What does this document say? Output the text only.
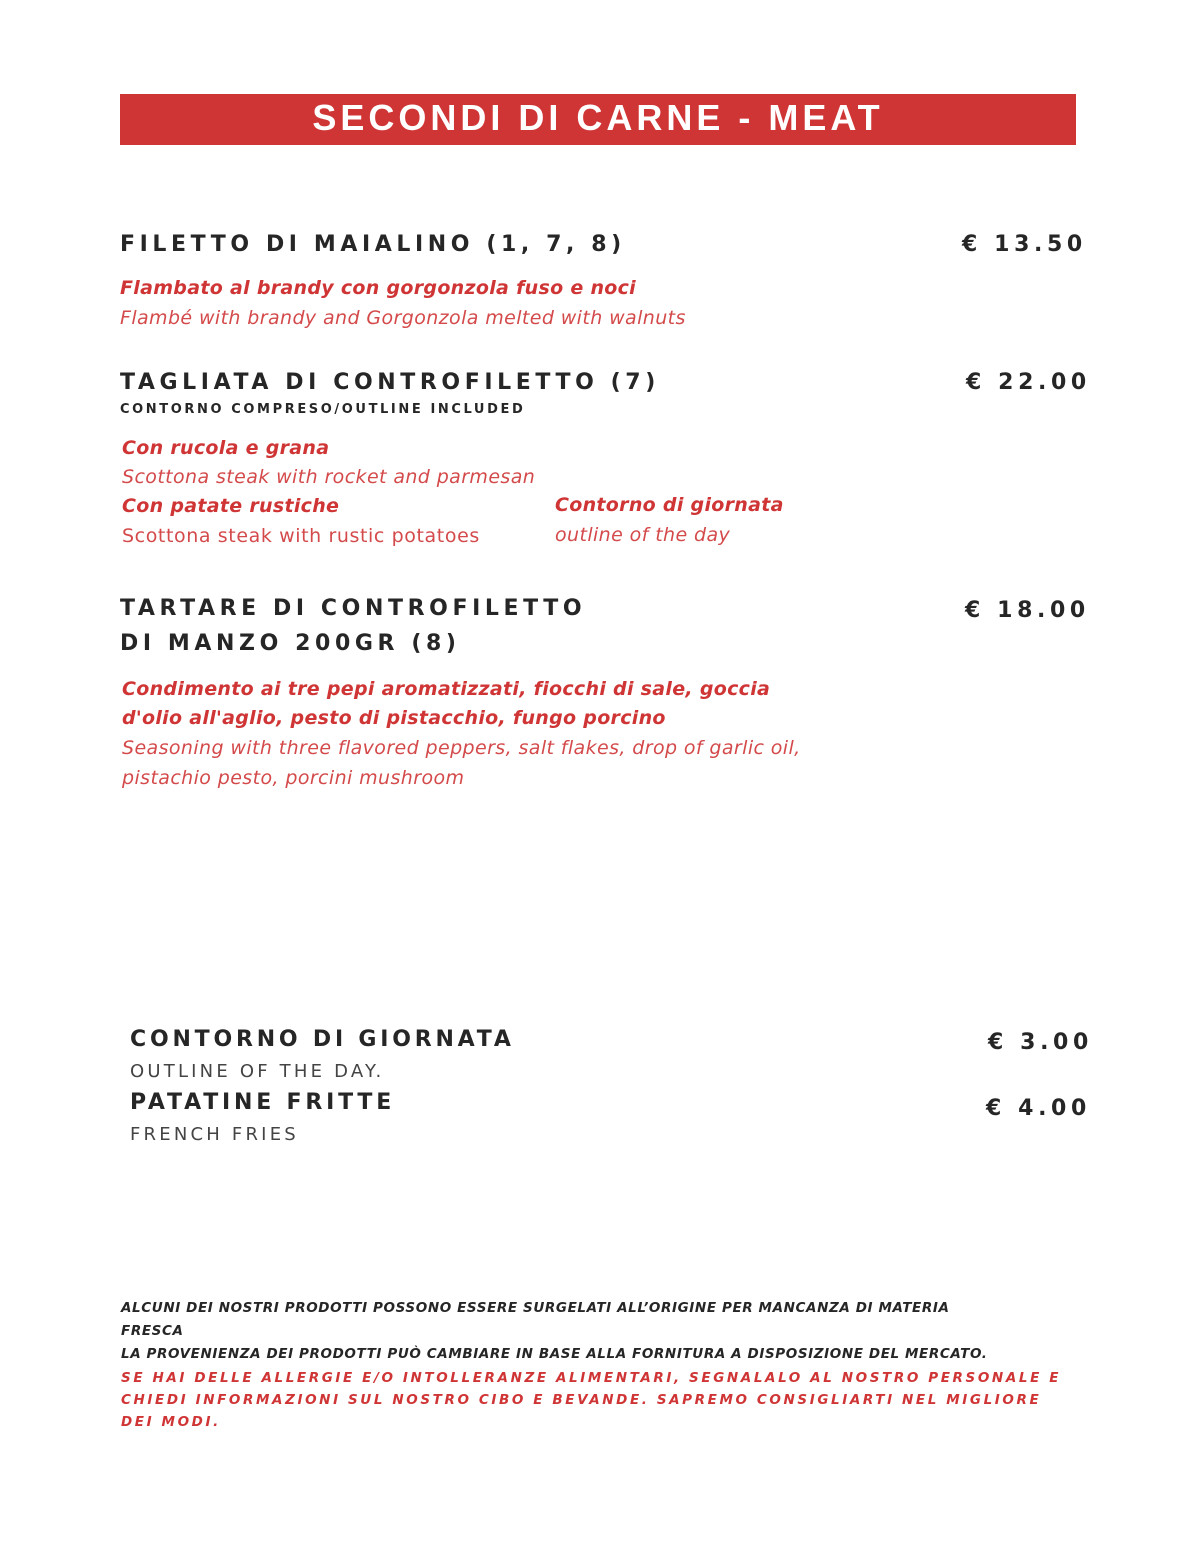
SECONDI DI CARNE - MEAT
FILETTO DI MAIALINO (1, 7, 8)	€ 13.50
Flambato al brandy con gorgonzola fuso e noci
Flambé with brandy and Gorgonzola melted with walnuts
TAGLIATA DI CONTROFILETTO (7)	€ 22.00
CONTORNO COMPRESO/OUTLINE INCLUDED
Con rucola e grana
Scottona steak with rocket and parmesan
Con patate rustiche
Scottona steak with rustic potatoes
Contorno di giornata
outline of the day
TARTARE DI CONTROFILETTO
DI MANZO 200GR (8)
€ 18.00
Condimento ai tre pepi aromatizzati, fiocchi di sale, goccia
d'olio all'aglio, pesto di pistacchio, fungo porcino
Seasoning with three flavored peppers, salt flakes, drop of garlic oil,
pistachio pesto, porcini mushroom
CONTORNO DI GIORNATA
OUTLINE OF THE DAY.
€ 3.00
PATATINE FRITTE
FRENCH FRIES
€ 4.00
ALCUNI DEI NOSTRI PRODOTTI POSSONO ESSERE SURGELATI ALL’ORIGINE PER MANCANZA DI MATERIA
FRESCA
LA PROVENIENZA DEI PRODOTTI PUÒ CAMBIARE IN BASE ALLA FORNITURA A DISPOSIZIONE DEL MERCATO.
SE HAI DELLE ALLERGIE E/O INTOLLERANZE ALIMENTARI, SEGNALALO AL NOSTRO PERSONALE E
CHIEDI INFORMAZIONI SUL NOSTRO CIBO E BEVANDE. SAPREMO CONSIGLIARTI NEL MIGLIORE
DEI MODI.
